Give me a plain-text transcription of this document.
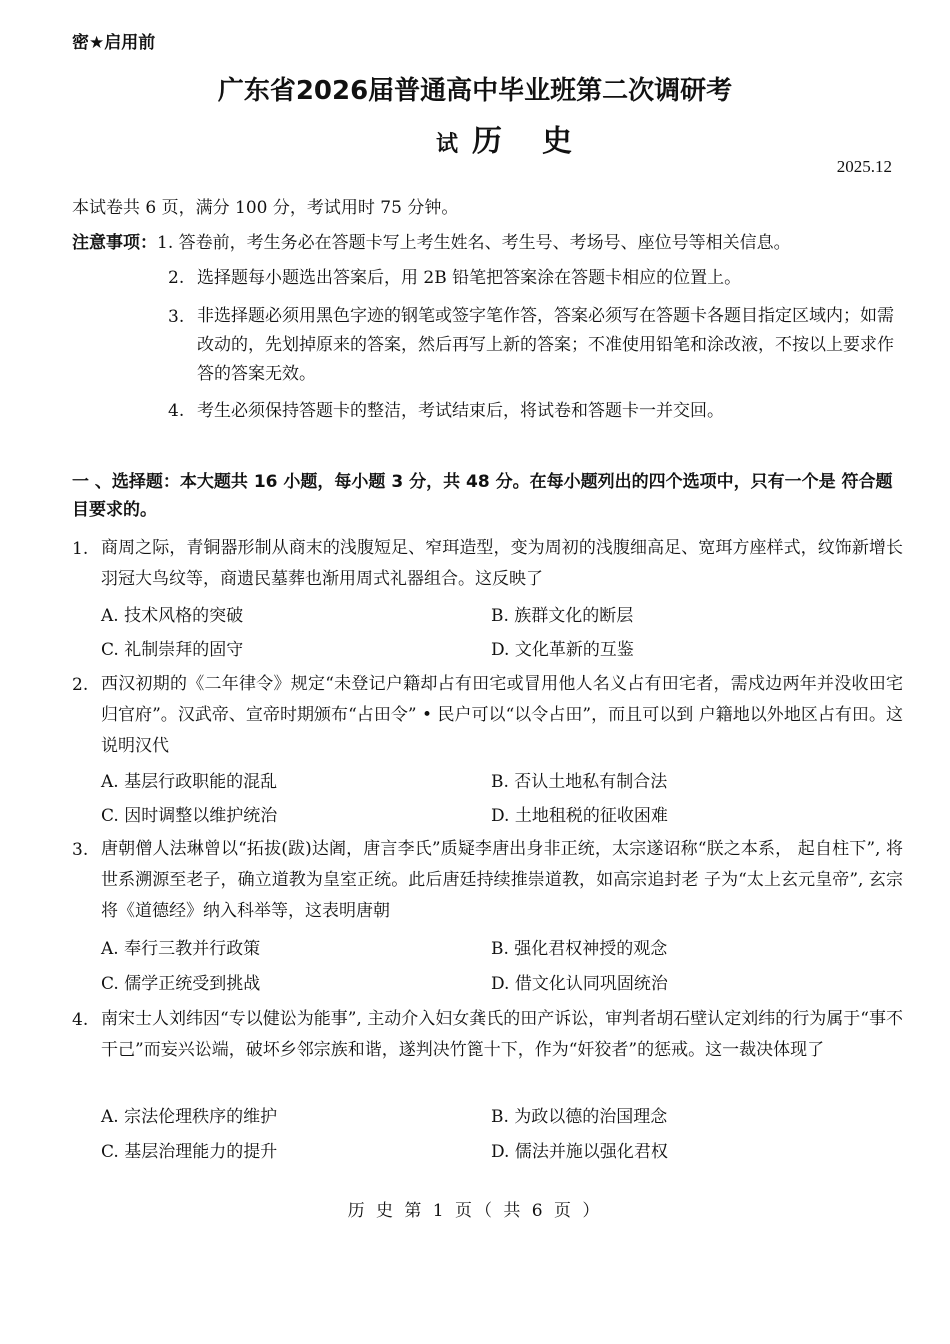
密★启用前
广东省2026届普通高中毕业班第二次调研考
试 历史
2025.12
本试卷共 6 页，满分 100 分，考试用时 75 分钟。
注意事项：1. 答卷前，考生务必在答题卡写上考生姓名、考生号、考场号、座位号等相关信息。
2. 选择题每小题选出答案后，用 2B 铅笔把答案涂在答题卡相应的位置上。
3. 非选择题必须用黑色字迹的钢笔或签字笔作答，答案必须写在答题卡各题目指定区域内；如需改动的，先划掉原来的答案，然后再写上新的答案；不准使用铅笔和涂改液，不按以上要求作答的答案无效。
4. 考生必须保持答题卡的整洁，考试结束后，将试卷和答题卡一并交回。
一 、选择题：本大题共 16 小题，每小题 3 分，共 48 分。在每小题列出的四个选项中，只有一个是 符合题目要求的。
1. 商周之际，青铜器形制从商末的浅腹短足、窄珥造型，变为周初的浅腹细高足、宽珥方座样式，纹饰新增长羽冠大鸟纹等，商遗民墓葬也渐用周式礼器组合。这反映了
A. 技术风格的突破	B. 族群文化的断层
C. 礼制崇拜的固守	D. 文化革新的互鉴
2. 西汉初期的《二年律令》规定“未登记户籍却占有田宅或冒用他人名义占有田宅者，需戍边两年并没收田宅归官府”。汉武帝、宣帝时期颁布“占田令” • 民户可以“以令占田”，而且可以到 户籍地以外地区占有田。这说明汉代
A. 基层行政职能的混乱	B. 否认土地私有制合法
C. 因时调整以维护统治	D. 土地租税的征收困难
3. 唐朝僧人法琳曾以“拓拔(跋)达阇，唐言李氏”质疑李唐出身非正统，太宗遂诏称“朕之本系， 起自柱下”, 将世系溯源至老子，确立道教为皇室正统。此后唐廷持续推崇道教，如高宗追封老 子为“太上玄元皇帝”, 玄宗将《道德经》纳入科举等，这表明唐朝
A. 奉行三教并行政策	B. 强化君权神授的观念
C. 儒学正统受到挑战	D. 借文化认同巩固统治
4. 南宋士人刘纬因“专以健讼为能事”, 主动介入妇女龚氏的田产诉讼，审判者胡石壁认定刘纬的行为属于“事不干己”而妄兴讼端，破坏乡邻宗族和谐，遂判决竹篦十下，作为“奸狡者”的惩戒。这一裁决体现了
A. 宗法伦理秩序的维护	B. 为政以德的治国理念
C. 基层治理能力的提升	D. 儒法并施以强化君权
历 史 第 1 页（ 共 6 页 ）
